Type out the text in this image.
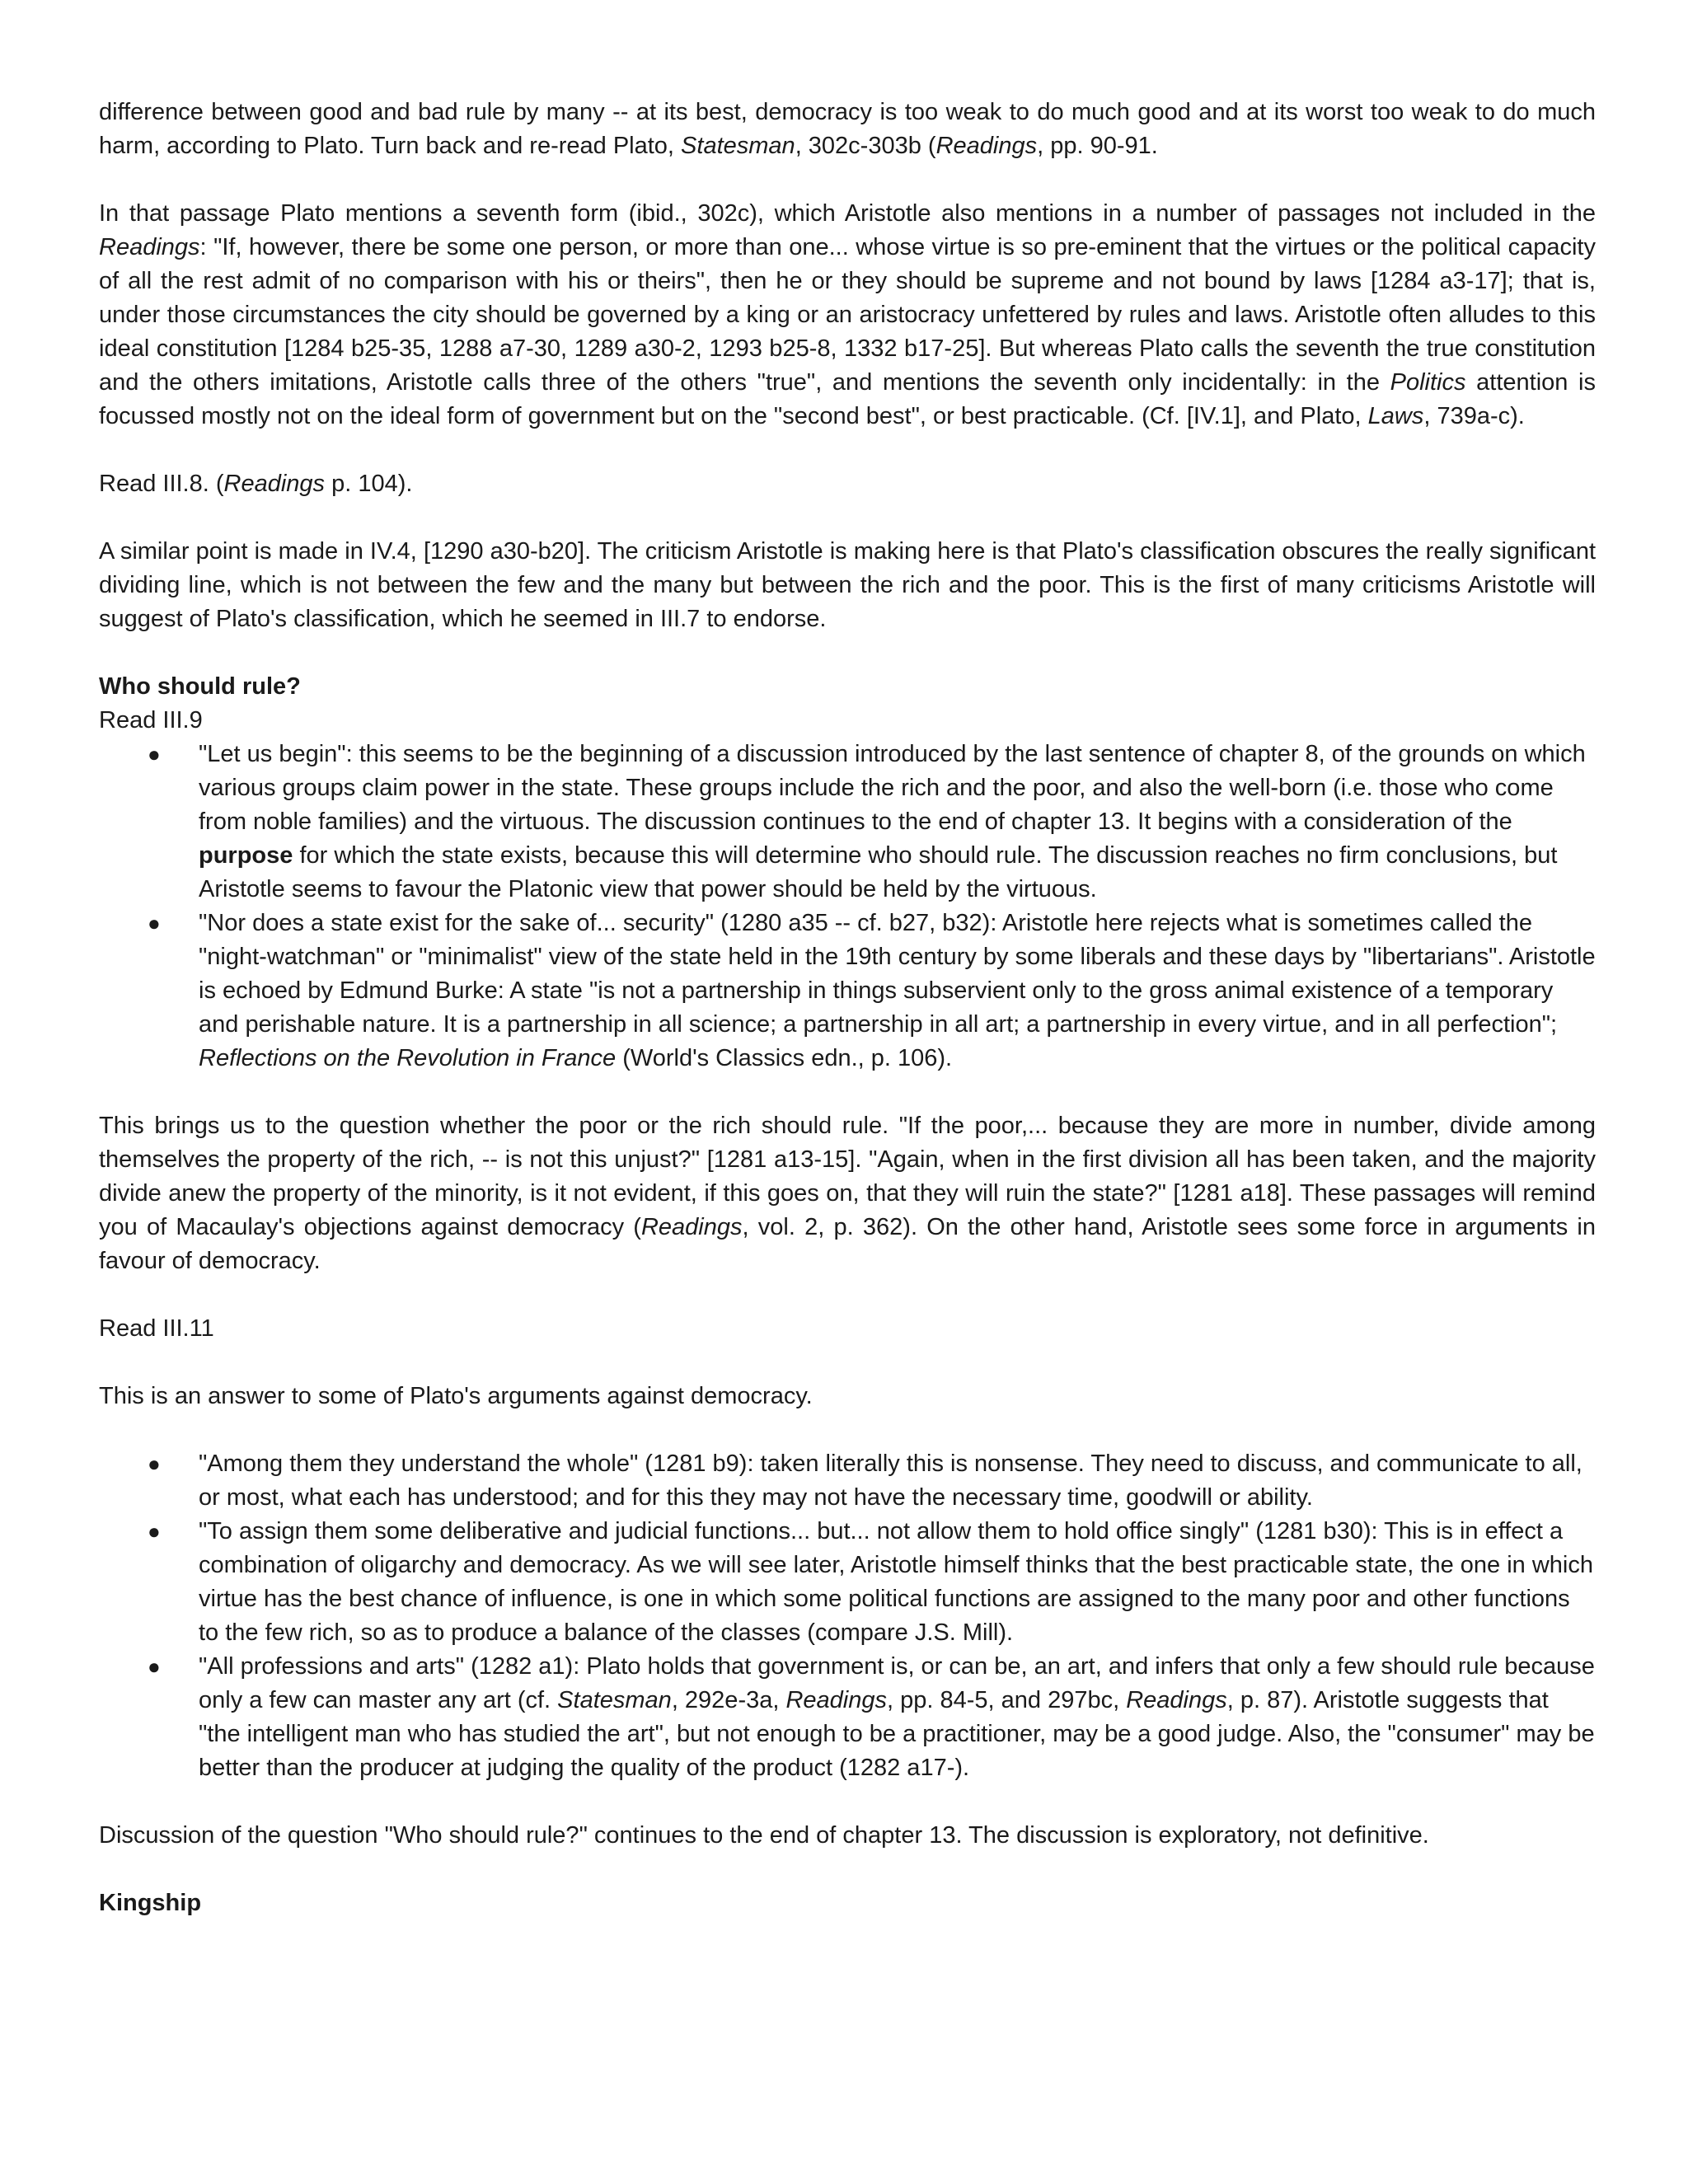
difference between good and bad rule by many -- at its best, democracy is too weak to do much good and at its worst too weak to do much harm, according to Plato. Turn back and re-read Plato, Statesman, 302c-303b (Readings, pp. 90-91.

In that passage Plato mentions a seventh form (ibid., 302c), which Aristotle also mentions in a number of passages not included in the Readings: "If, however, there be some one person, or more than one... whose virtue is so pre-eminent that the virtues or the political capacity of all the rest admit of no comparison with his or theirs", then he or they should be supreme and not bound by laws [1284 a3-17]; that is, under those circumstances the city should be governed by a king or an aristocracy unfettered by rules and laws. Aristotle often alludes to this ideal constitution [1284 b25-35, 1288 a7-30, 1289 a30-2, 1293 b25-8, 1332 b17-25]. But whereas Plato calls the seventh the true constitution and the others imitations, Aristotle calls three of the others "true", and mentions the seventh only incidentally: in the Politics attention is focussed mostly not on the ideal form of government but on the "second best", or best practicable. (Cf. [IV.1], and Plato, Laws, 739a-c).

Read III.8. (Readings p. 104).

A similar point is made in IV.4, [1290 a30-b20]. The criticism Aristotle is making here is that Plato's classification obscures the really significant dividing line, which is not between the few and the many but between the rich and the poor. This is the first of many criticisms Aristotle will suggest of Plato's classification, which he seemed in III.7 to endorse.

Who should rule?

Read III.9

● "Let us begin": this seems to be the beginning of a discussion introduced by the last sentence of chapter 8, of the grounds on which various groups claim power in the state. These groups include the rich and the poor, and also the well-born (i.e. those who come from noble families) and the virtuous. The discussion continues to the end of chapter 13. It begins with a consideration of the purpose for which the state exists, because this will determine who should rule. The discussion reaches no firm conclusions, but Aristotle seems to favour the Platonic view that power should be held by the virtuous.
● "Nor does a state exist for the sake of... security" (1280 a35 -- cf. b27, b32): Aristotle here rejects what is sometimes called the "night-watchman" or "minimalist" view of the state held in the 19th century by some liberals and these days by "libertarians". Aristotle is echoed by Edmund Burke: A state "is not a partnership in things subservient only to the gross animal existence of a temporary and perishable nature. It is a partnership in all science; a partnership in all art; a partnership in every virtue, and in all perfection"; Reflections on the Revolution in France (World's Classics edn., p. 106).

This brings us to the question whether the poor or the rich should rule. "If the poor,... because they are more in number, divide among themselves the property of the rich, -- is not this unjust?" [1281 a13-15]. "Again, when in the first division all has been taken, and the majority divide anew the property of the minority, is it not evident, if this goes on, that they will ruin the state?" [1281 a18]. These passages will remind you of Macaulay's objections against democracy (Readings, vol. 2, p. 362). On the other hand, Aristotle sees some force in arguments in favour of democracy.

Read III.11

This is an answer to some of Plato's arguments against democracy.

● "Among them they understand the whole" (1281 b9): taken literally this is nonsense. They need to discuss, and communicate to all, or most, what each has understood; and for this they may not have the necessary time, goodwill or ability.
● "To assign them some deliberative and judicial functions... but... not allow them to hold office singly" (1281 b30): This is in effect a combination of oligarchy and democracy. As we will see later, Aristotle himself thinks that the best practicable state, the one in which virtue has the best chance of influence, is one in which some political functions are assigned to the many poor and other functions to the few rich, so as to produce a balance of the classes (compare J.S. Mill).
● "All professions and arts" (1282 a1): Plato holds that government is, or can be, an art, and infers that only a few should rule because only a few can master any art (cf. Statesman, 292e-3a, Readings, pp. 84-5, and 297bc, Readings, p. 87). Aristotle suggests that "the intelligent man who has studied the art", but not enough to be a practitioner, may be a good judge. Also, the "consumer" may be better than the producer at judging the quality of the product (1282 a17-).

Discussion of the question "Who should rule?" continues to the end of chapter 13. The discussion is exploratory, not definitive.

Kingship
